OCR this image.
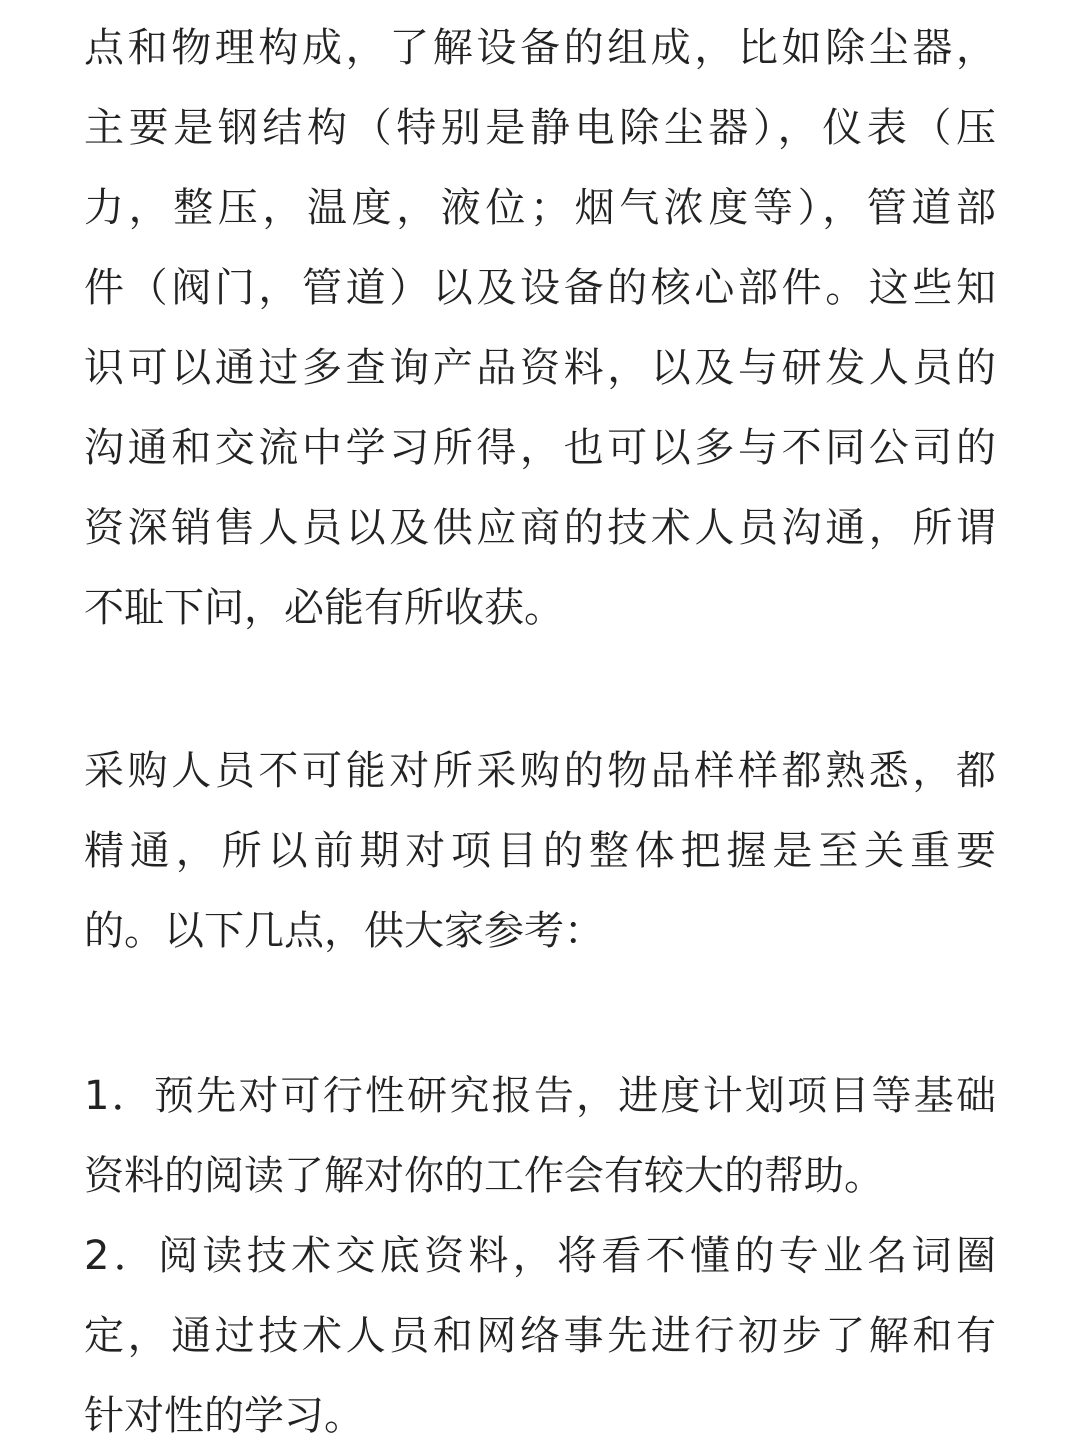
点和物理构成，了解设备的组成，比如除尘器，
主要是钢结构（特别是静电除尘器），仪表（压
力，整压，温度，液位；烟气浓度等），管道部
件（阀门，管道）以及设备的核心部件。这些知
识可以通过多查询产品资料，以及与研发人员的
沟通和交流中学习所得，也可以多与不同公司的
资深销售人员以及供应商的技术人员沟通，所谓
不耻下问，必能有所收获。
采购人员不可能对所采购的物品样样都熟悉，都
精通，所以前期对项目的整体把握是至关重要
的。以下几点，供大家参考：
1．预先对可行性研究报告，进度计划项目等基础
资料的阅读了解对你的工作会有较大的帮助。
2．阅读技术交底资料，将看不懂的专业名词圈
定，通过技术人员和网络事先进行初步了解和有
针对性的学习。
